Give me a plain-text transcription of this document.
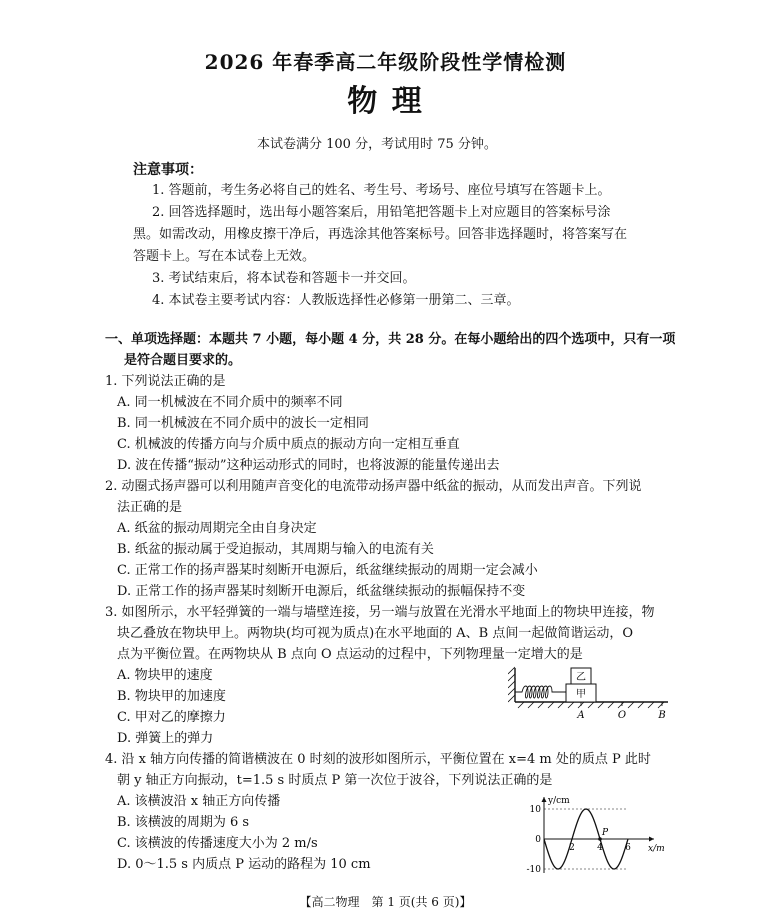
2026 年春季高二年级阶段性学情检测
物 理
本试卷满分 100 分，考试用时 75 分钟。
注意事项：
1. 答题前，考生务必将自己的姓名、考生号、考场号、座位号填写在答题卡上。
2. 回答选择题时，选出每小题答案后，用铅笔把答题卡上对应题目的答案标号涂
黑。如需改动，用橡皮擦干净后，再选涂其他答案标号。回答非选择题时，将答案写在
答题卡上。写在本试卷上无效。
3. 考试结束后，将本试卷和答题卡一并交回。
4. 本试卷主要考试内容：人教版选择性必修第一册第二、三章。
一、单项选择题：本题共 7 小题，每小题 4 分，共 28 分。在每小题给出的四个选项中，只有一项
是符合题目要求的。
1. 下列说法正确的是
A. 同一机械波在不同介质中的频率不同
B. 同一机械波在不同介质中的波长一定相同
C. 机械波的传播方向与介质中质点的振动方向一定相互垂直
D. 波在传播“振动”这种运动形式的同时，也将波源的能量传递出去
2. 动圈式扬声器可以利用随声音变化的电流带动扬声器中纸盆的振动，从而发出声音。下列说
法正确的是
A. 纸盆的振动周期完全由自身决定
B. 纸盆的振动属于受迫振动，其周期与输入的电流有关
C. 正常工作的扬声器某时刻断开电源后，纸盆继续振动的周期一定会减小
D. 正常工作的扬声器某时刻断开电源后，纸盆继续振动的振幅保持不变
3. 如图所示，水平轻弹簧的一端与墙壁连接，另一端与放置在光滑水平地面上的物块甲连接，物
块乙叠放在物块甲上。两物块(均可视为质点)在水平地面的 A、B 点间一起做简谐运动，O
点为平衡位置。在两物块从 B 点向 O 点运动的过程中，下列物理量一定增大的是
A. 物块甲的速度
B. 物块甲的加速度
C. 甲对乙的摩擦力
D. 弹簧上的弹力
甲
乙
A	O	B
4. 沿 x 轴方向传播的简谐横波在 0 时刻的波形如图所示，平衡位置在 x=4 m 处的质点 P 此时
朝 y 轴正方向振动，t=1.5 s 时质点 P 第一次位于波谷，下列说法正确的是
A. 该横波沿 x 轴正方向传播
B. 该横波的周期为 6 s
C. 该横波的传播速度大小为 2 m/s
D. 0～1.5 s 内质点 P 运动的路程为 10 cm
y/cm
x/m
10
0
-10
2 4 6
P
【高二物理　第 1 页(共 6 页)】
